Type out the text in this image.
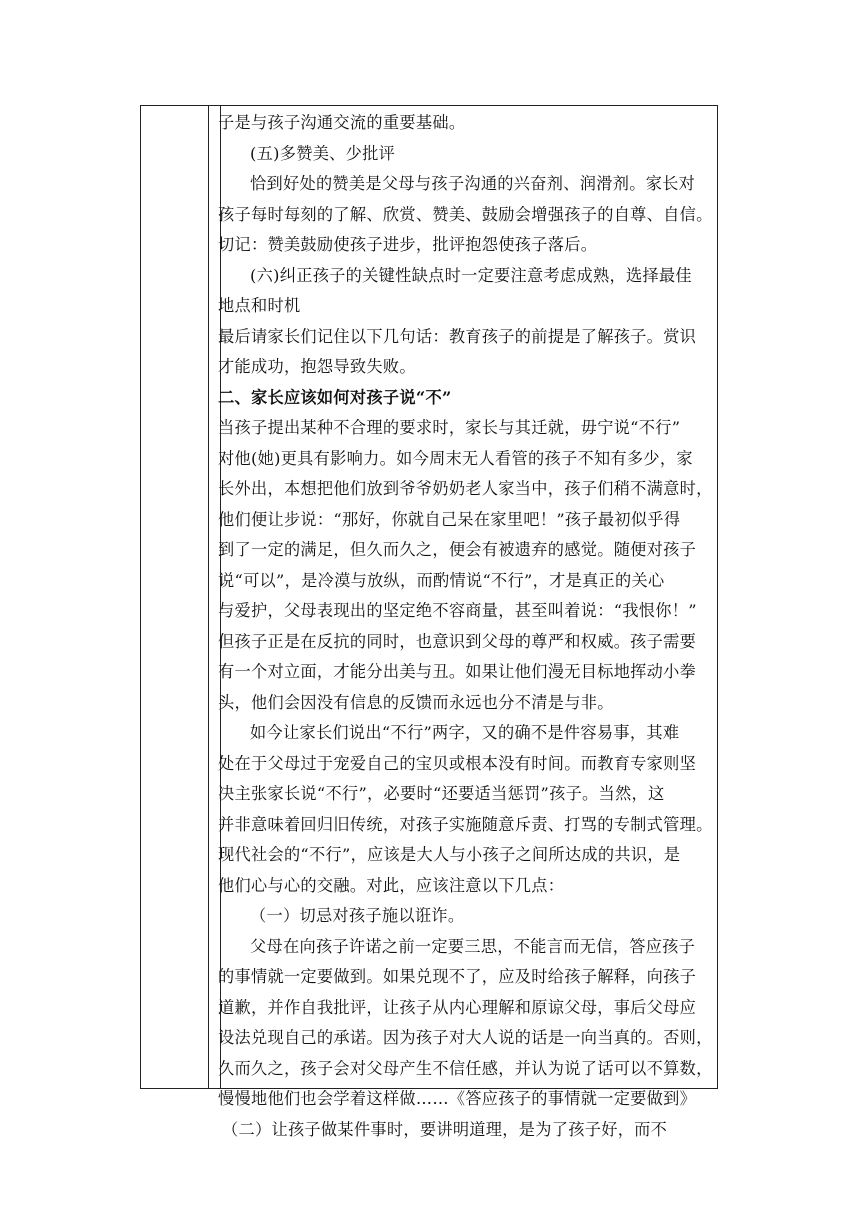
子是与孩子沟通交流的重要基础。
(五)多赞美、少批评
恰到好处的赞美是父母与孩子沟通的兴奋剂、润滑剂。家长对
孩子每时每刻的了解、欣赏、赞美、鼓励会增强孩子的自尊、自信。
切记：赞美鼓励使孩子进步，批评抱怨使孩子落后。
(六)纠正孩子的关键性缺点时一定要注意考虑成熟，选择最佳
地点和时机
最后请家长们记住以下几句话：教育孩子的前提是了解孩子。赏识
才能成功，抱怨导致失败。
二、家长应该如何对孩子说“不”
当孩子提出某种不合理的要求时，家长与其迁就，毋宁说“不行”
对他(她)更具有影响力。如今周末无人看管的孩子不知有多少，家
长外出，本想把他们放到爷爷奶奶老人家当中，孩子们稍不满意时，
他们便让步说：“那好，你就自己呆在家里吧！”孩子最初似乎得
到了一定的满足，但久而久之，便会有被遗弃的感觉。随便对孩子
说“可以”，是冷漠与放纵，而酌情说“不行”，才是真正的关心
与爱护，父母表现出的坚定绝不容商量，甚至叫着说：“我恨你！”
但孩子正是在反抗的同时，也意识到父母的尊严和权威。孩子需要
有一个对立面，才能分出美与丑。如果让他们漫无目标地挥动小拳
头，他们会因没有信息的反馈而永远也分不清是与非。
如今让家长们说出“不行”两字，又的确不是件容易事，其难
处在于父母过于宠爱自己的宝贝或根本没有时间。而教育专家则坚
决主张家长说“不行”，必要时“还要适当惩罚”孩子。当然，这
并非意味着回归旧传统，对孩子实施随意斥责、打骂的专制式管理。
现代社会的“不行”，应该是大人与小孩子之间所达成的共识，是
他们心与心的交融。对此，应该注意以下几点：
（一）切忌对孩子施以诳诈。
父母在向孩子许诺之前一定要三思，不能言而无信，答应孩子
的事情就一定要做到。如果兑现不了，应及时给孩子解释，向孩子
道歉，并作自我批评，让孩子从内心理解和原谅父母，事后父母应
设法兑现自己的承诺。因为孩子对大人说的话是一向当真的。否则，
久而久之，孩子会对父母产生不信任感，并认为说了话可以不算数，
慢慢地他们也会学着这样做……《答应孩子的事情就一定要做到》
（二）让孩子做某件事时，要讲明道理，是为了孩子好，而不
